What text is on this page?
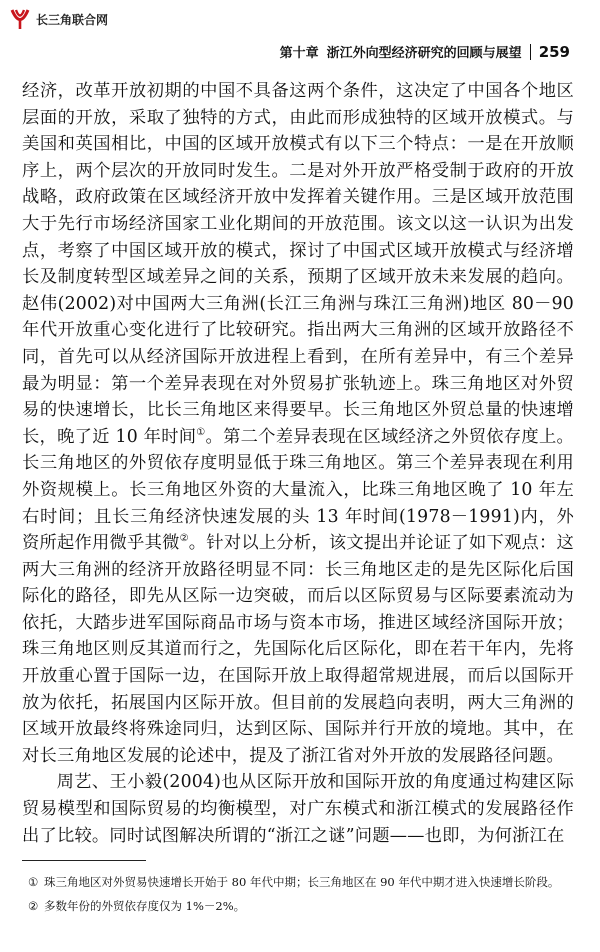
长三角联合网
第十章 浙江外向型经济研究的回顾与展望 259

经济，改革开放初期的中国不具备这两个条件，这决定了中国各个地区层面的开放，采取了独特的方式，由此而形成独特的区域开放模式。与美国和英国相比，中国的区域开放模式有以下三个特点：一是在开放顺序上，两个层次的开放同时发生。二是对外开放严格受制于政府的开放战略，政府政策在区域经济开放中发挥着关键作用。三是区域开放范围大于先行市场经济国家工业化期间的开放范围。该文以这一认识为出发点，考察了中国区域开放的模式，探讨了中国式区域开放模式与经济增长及制度转型区域差异之间的关系，预期了区域开放未来发展的趋向。赵伟(2002)对中国两大三角洲(长江三角洲与珠江三角洲)地区 80－90 年代开放重心变化进行了比较研究。指出两大三角洲的区域开放路径不同，首先可以从经济国际开放进程上看到，在所有差异中，有三个差异最为明显：第一个差异表现在对外贸易扩张轨迹上。珠三角地区对外贸易的快速增长，比长三角地区来得要早。长三角地区外贸总量的快速增长，晚了近 10 年时间①。第二个差异表现在区域经济之外贸依存度上。长三角地区的外贸依存度明显低于珠三角地区。第三个差异表现在利用外资规模上。长三角地区外资的大量流入，比珠三角地区晚了 10 年左右时间；且长三角经济快速发展的头 13 年时间(1978－1991)内，外资所起作用微乎其微②。针对以上分析，该文提出并论证了如下观点：这两大三角洲的经济开放路径明显不同：长三角地区走的是先区际化后国际化的路径，即先从区际一边突破，而后以区际贸易与区际要素流动为依托，大踏步进军国际商品市场与资本市场，推进区域经济国际开放；珠三角地区则反其道而行之，先国际化后区际化，即在若干年内，先将开放重心置于国际一边，在国际开放上取得超常规进展，而后以国际开放为依托，拓展国内区际开放。但目前的发展趋向表明，两大三角洲的区域开放最终将殊途同归，达到区际、国际并行开放的境地。其中，在对长三角地区发展的论述中，提及了浙江省对外开放的发展路径问题。

周艺、王小毅(2004)也从区际开放和国际开放的角度通过构建区际贸易模型和国际贸易的均衡模型，对广东模式和浙江模式的发展路径作出了比较。同时试图解决所谓的“浙江之谜”问题——也即，为何浙江在

① 珠三角地区对外贸易快速增长开始于 80 年代中期；长三角地区在 90 年代中期才进入快速增长阶段。
② 多数年份的外贸依存度仅为 1%－2%。
